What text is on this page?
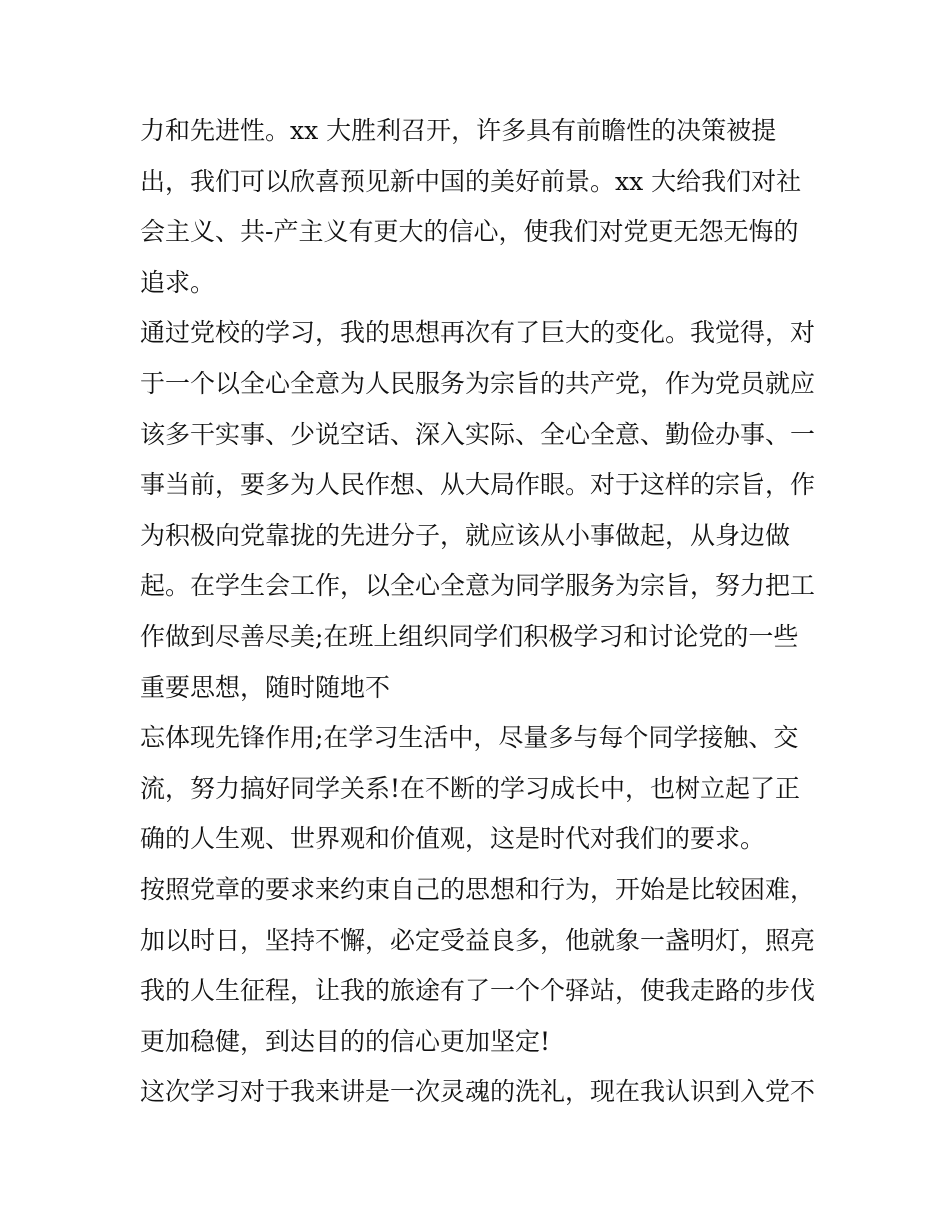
力和先进性。xx 大胜利召开，许多具有前瞻性的决策被提
出，我们可以欣喜预见新中国的美好前景。xx 大给我们对社
会主义、共-产主义有更大的信心，使我们对党更无怨无悔的
追求。
通过党校的学习，我的思想再次有了巨大的变化。我觉得，对
于一个以全心全意为人民服务为宗旨的共产党，作为党员就应
该多干实事、少说空话、深入实际、全心全意、勤俭办事、一
事当前，要多为人民作想、从大局作眼。对于这样的宗旨，作
为积极向党靠拢的先进分子，就应该从小事做起，从身边做
起。在学生会工作，以全心全意为同学服务为宗旨，努力把工
作做到尽善尽美;在班上组织同学们积极学习和讨论党的一些
重要思想，随时随地不
忘体现先锋作用;在学习生活中，尽量多与每个同学接触、交
流，努力搞好同学关系!在不断的学习成长中，也树立起了正
确的人生观、世界观和价值观，这是时代对我们的要求。
按照党章的要求来约束自己的思想和行为，开始是比较困难，
加以时日，坚持不懈，必定受益良多，他就象一盏明灯，照亮
我的人生征程，让我的旅途有了一个个驿站，使我走路的步伐
更加稳健，到达目的的信心更加坚定!
这次学习对于我来讲是一次灵魂的洗礼，现在我认识到入党不
